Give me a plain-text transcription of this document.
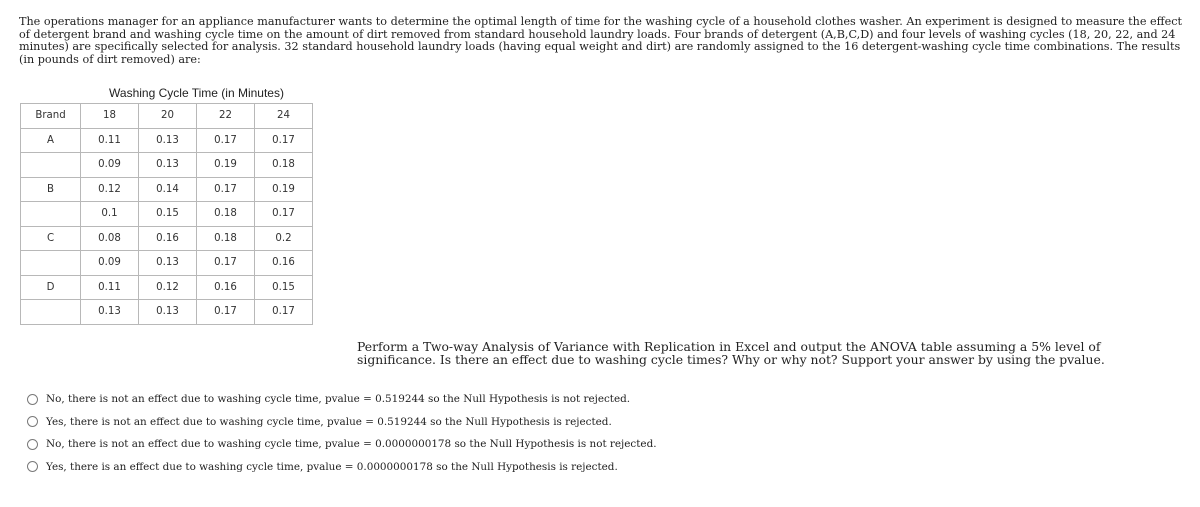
The operations manager for an appliance manufacturer wants to determine the optimal length of time for the washing cycle of a household clothes washer. An experiment is designed to measure the effect of detergent brand and washing cycle time on the amount of dirt removed from standard household laundry loads. Four brands of detergent (A,B,C,D) and four levels of washing cycles (18, 20, 22, and 24 minutes) are specifically selected for analysis. 32 standard household laundry loads (having equal weight and dirt) are randomly assigned to the 16 detergent-washing cycle time combinations. The results (in pounds of dirt removed) are:
	Washing Cycle Time (in Minutes)			
Brand	18	20	22	24
A	0.11	0.13	0.17	0.17
	0.09	0.13	0.19	0.18
B	0.12	0.14	0.17	0.19
	0.1	0.15	0.18	0.17
C	0.08	0.16	0.18	0.2
	0.09	0.13	0.17	0.16
D	0.11	0.12	0.16	0.15
	0.13	0.13	0.17	0.17
Perform a Two-way Analysis of Variance with Replication in Excel and output the ANOVA table assuming a 5% level of significance. Is there an effect due to washing cycle times? Why or why not? Support your answer by using the pvalue.
No, there is not an effect due to washing cycle time, pvalue = 0.519244 so the Null Hypothesis is not rejected.
Yes, there is not an effect due to washing cycle time, pvalue = 0.519244 so the Null Hypothesis is rejected.
No, there is not an effect due to washing cycle time, pvalue = 0.0000000178 so the Null Hypothesis is not rejected.
Yes, there is an effect due to washing cycle time, pvalue = 0.0000000178 so the Null Hypothesis is rejected.
